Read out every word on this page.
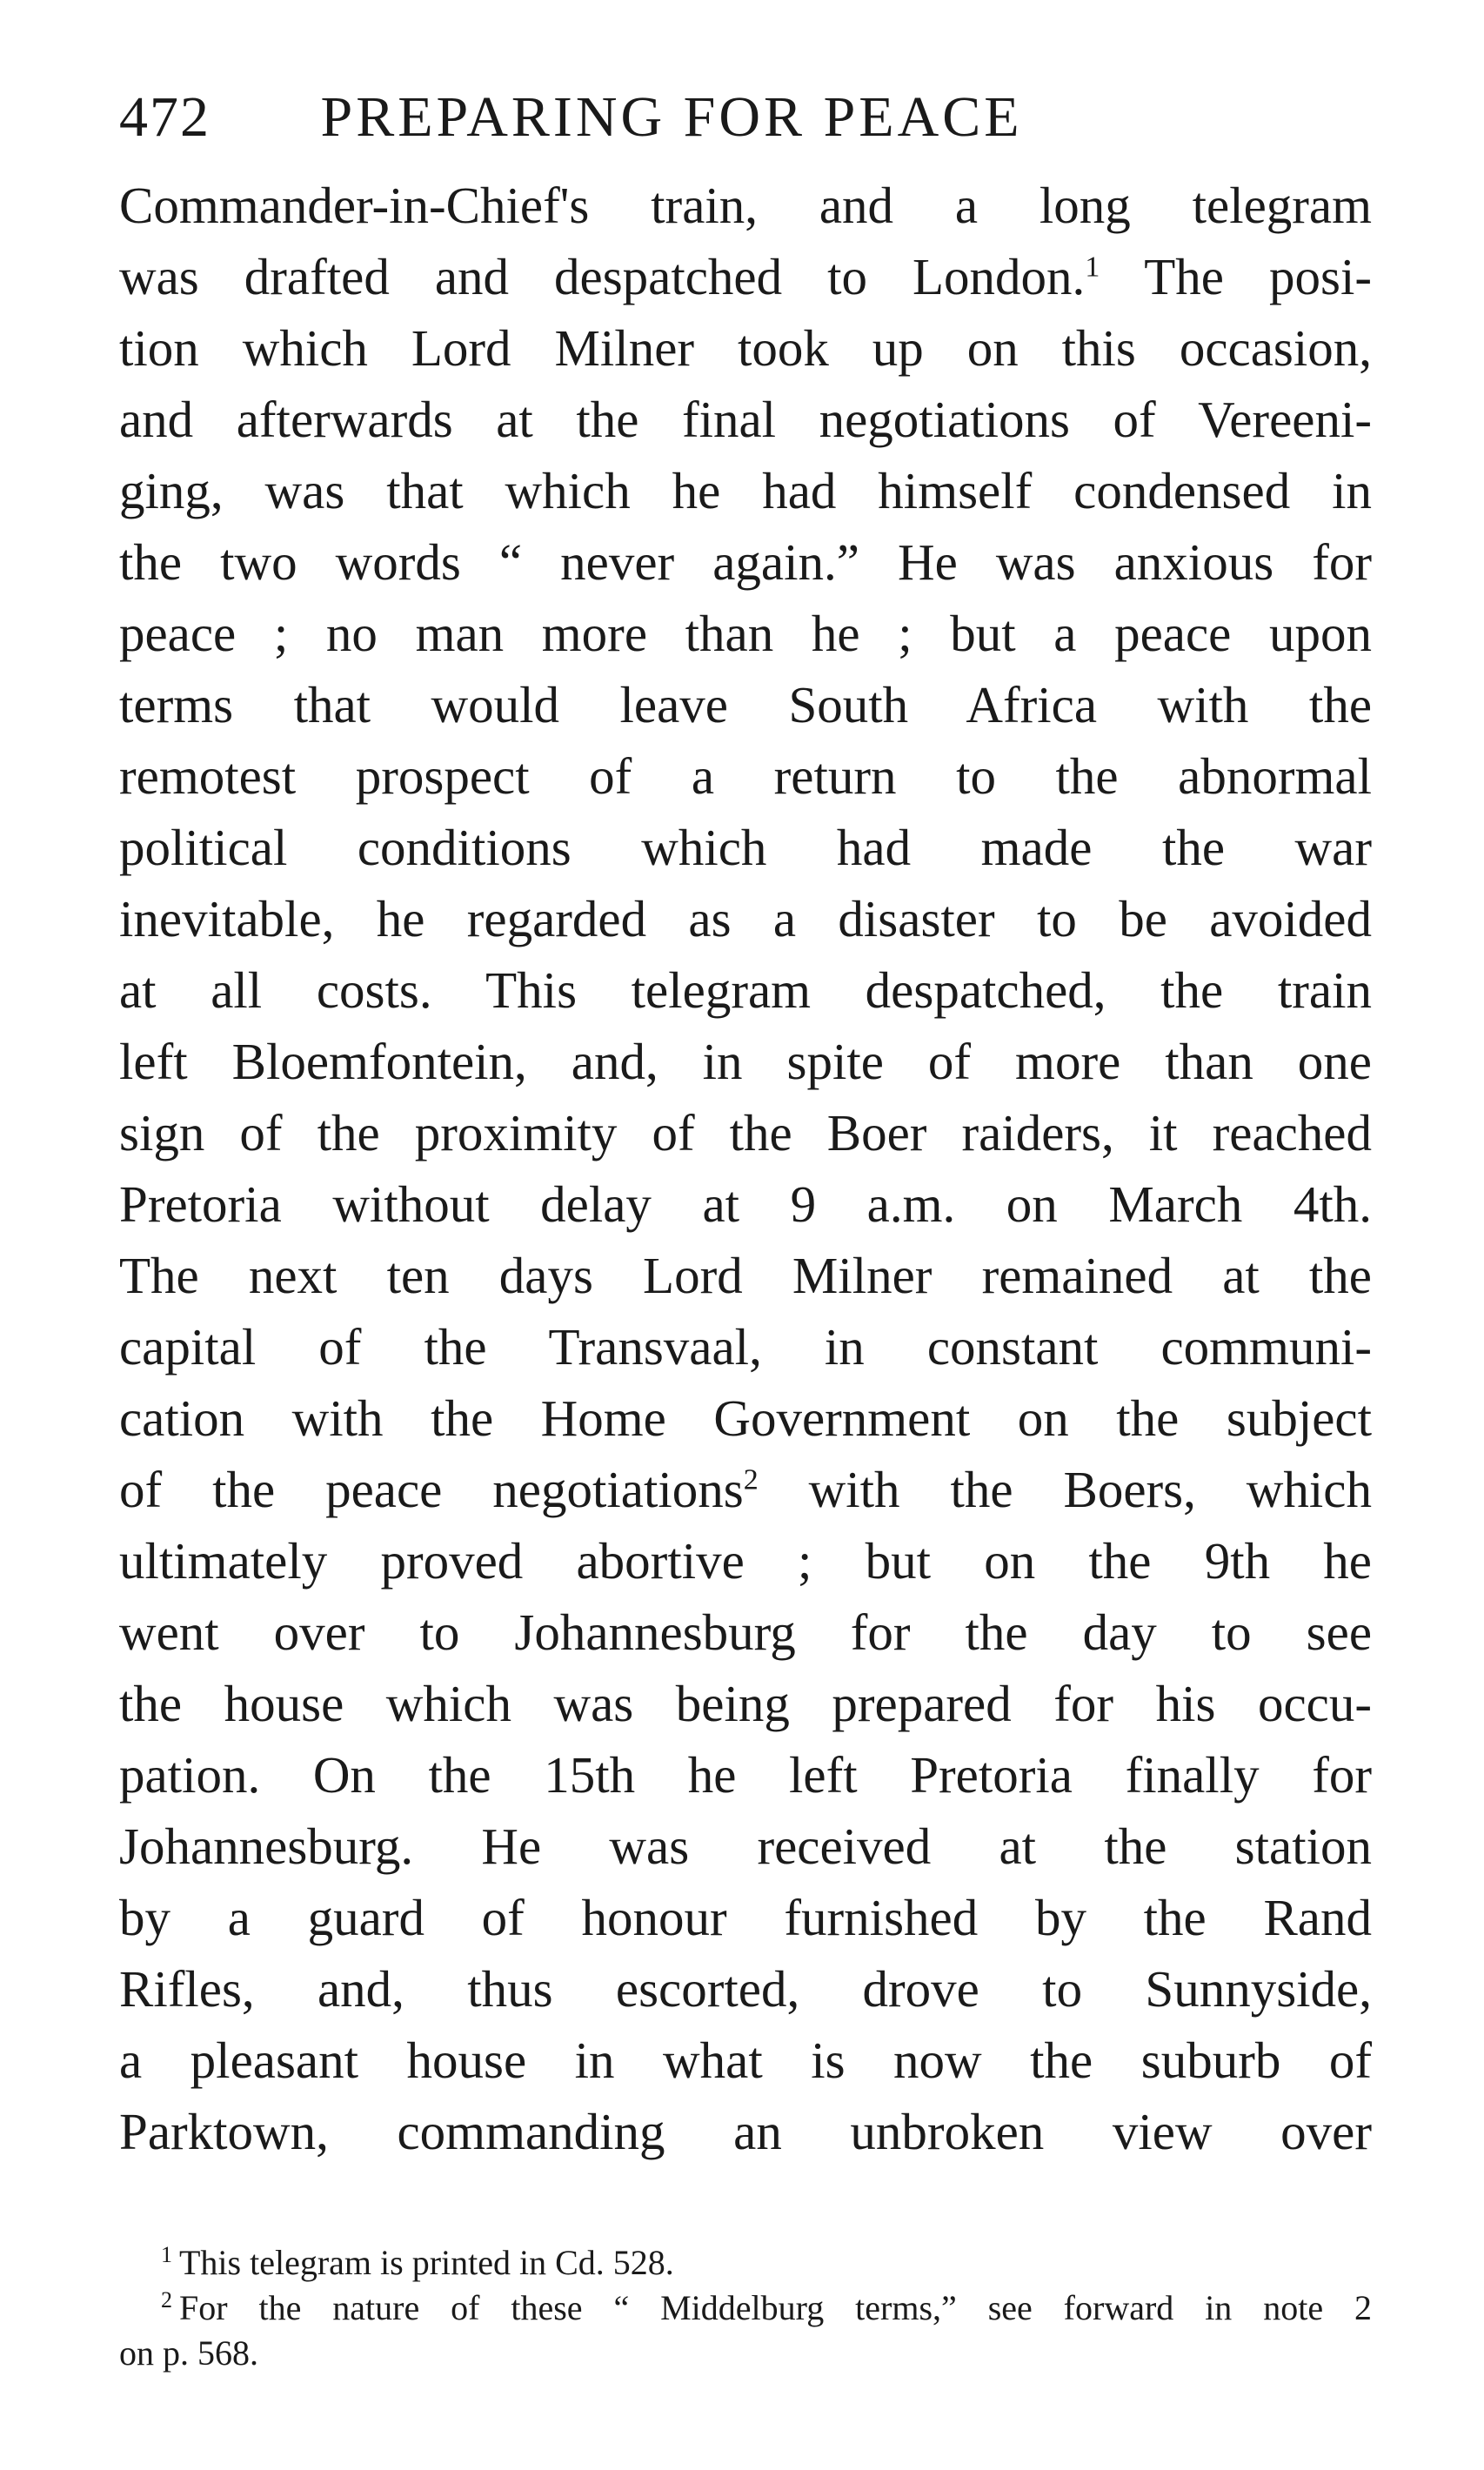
472 PREPARING FOR PEACE
Commander-in-Chief's train, and a long telegram
was drafted and despatched to London.$^1$ The posi-
tion which Lord Milner took up on this occasion,
and afterwards at the final negotiations of Vereeni-
ging, was that which he had himself condensed in
the two words “ never again.” He was anxious for
peace ; no man more than he ; but a peace upon
terms that would leave South Africa with the
remotest prospect of a return to the abnormal
political conditions which had made the war
inevitable, he regarded as a disaster to be avoided
at all costs. This telegram despatched, the train
left Bloemfontein, and, in spite of more than one
sign of the proximity of the Boer raiders, it reached
Pretoria without delay at 9 a.m. on March 4th.
The next ten days Lord Milner remained at the
capital of the Transvaal, in constant communi-
cation with the Home Government on the subject
of the peace negotiations$^2$ with the Boers, which
ultimately proved abortive ; but on the 9th he
went over to Johannesburg for the day to see
the house which was being prepared for his occu-
pation. On the 15th he left Pretoria finally for
Johannesburg. He was received at the station
by a guard of honour furnished by the Rand
Rifles, and, thus escorted, drove to Sunnyside,
a pleasant house in what is now the suburb of
Parktown, commanding an unbroken view over
$^1$ This telegram is printed in Cd. 528.
$^2$ For the nature of these “ Middelburg terms,” see forward in note 2
on p. 568.
